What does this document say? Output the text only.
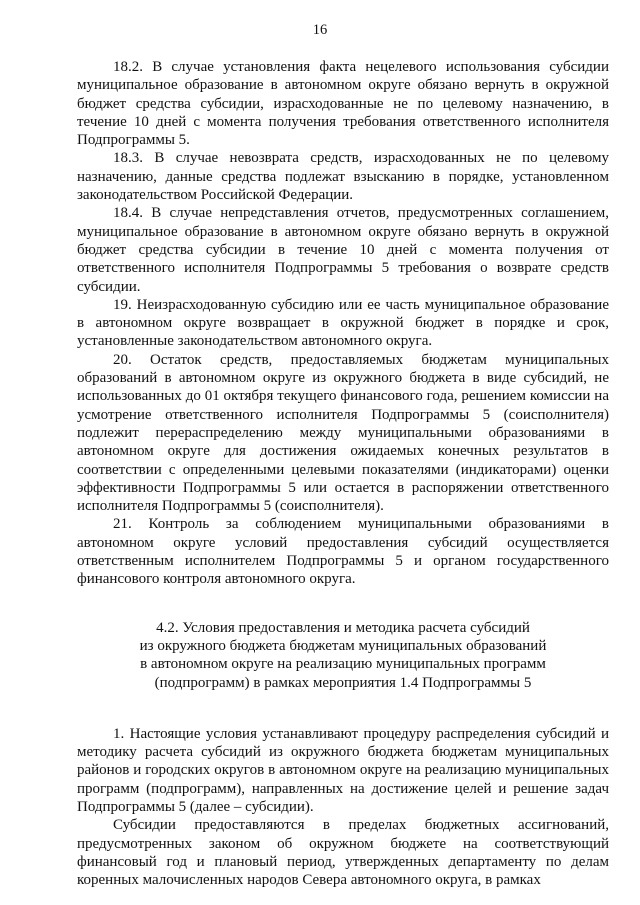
16

18.2. В случае установления факта нецелевого использования субсидии муниципальное образование в автономном округе обязано вернуть в окружной бюджет средства субсидии, израсходованные не по целевому назначению, в течение 10 дней с момента получения требования ответственного исполнителя Подпрограммы 5.

18.3. В случае невозврата средств, израсходованных не по целевому назначению, данные средства подлежат взысканию в порядке, установленном законодательством Российской Федерации.

18.4. В случае непредставления отчетов, предусмотренных соглашением, муниципальное образование в автономном округе обязано вернуть в окружной бюджет средства субсидии в течение 10 дней с момента получения от ответственного исполнителя Подпрограммы 5 требования о возврате средств субсидии.

19. Неизрасходованную субсидию или ее часть муниципальное образование в автономном округе возвращает в окружной бюджет в порядке и срок, установленные законодательством автономного округа.

20. Остаток средств, предоставляемых бюджетам муниципальных образований в автономном округе из окружного бюджета в виде субсидий, не использованных до 01 октября текущего финансового года, решением комиссии на усмотрение ответственного исполнителя Подпрограммы 5 (соисполнителя) подлежит перераспределению между муниципальными образованиями в автономном округе для достижения ожидаемых конечных результатов в соответствии с определенными целевыми показателями (индикаторами) оценки эффективности Подпрограммы 5 или остается в распоряжении ответственного исполнителя Подпрограммы 5 (соисполнителя).

21. Контроль за соблюдением муниципальными образованиями в автономном округе условий предоставления субсидий осуществляется ответственным исполнителем Подпрограммы 5 и органом государственного финансового контроля автономного округа.

4.2. Условия предоставления и методика расчета субсидий
из окружного бюджета бюджетам муниципальных образований
в автономном округе на реализацию муниципальных программ
(подпрограмм) в рамках мероприятия 1.4 Подпрограммы 5

1. Настоящие условия устанавливают процедуру распределения субсидий и методику расчета субсидий из окружного бюджета бюджетам муниципальных районов и городских округов в автономном округе на реализацию муниципальных программ (подпрограмм), направленных на достижение целей и решение задач Подпрограммы 5 (далее – субсидии).

Субсидии предоставляются в пределах бюджетных ассигнований, предусмотренных законом об окружном бюджете на соответствующий финансовый год и плановый период, утвержденных департаменту по делам коренных малочисленных народов Севера автономного округа, в рамках
